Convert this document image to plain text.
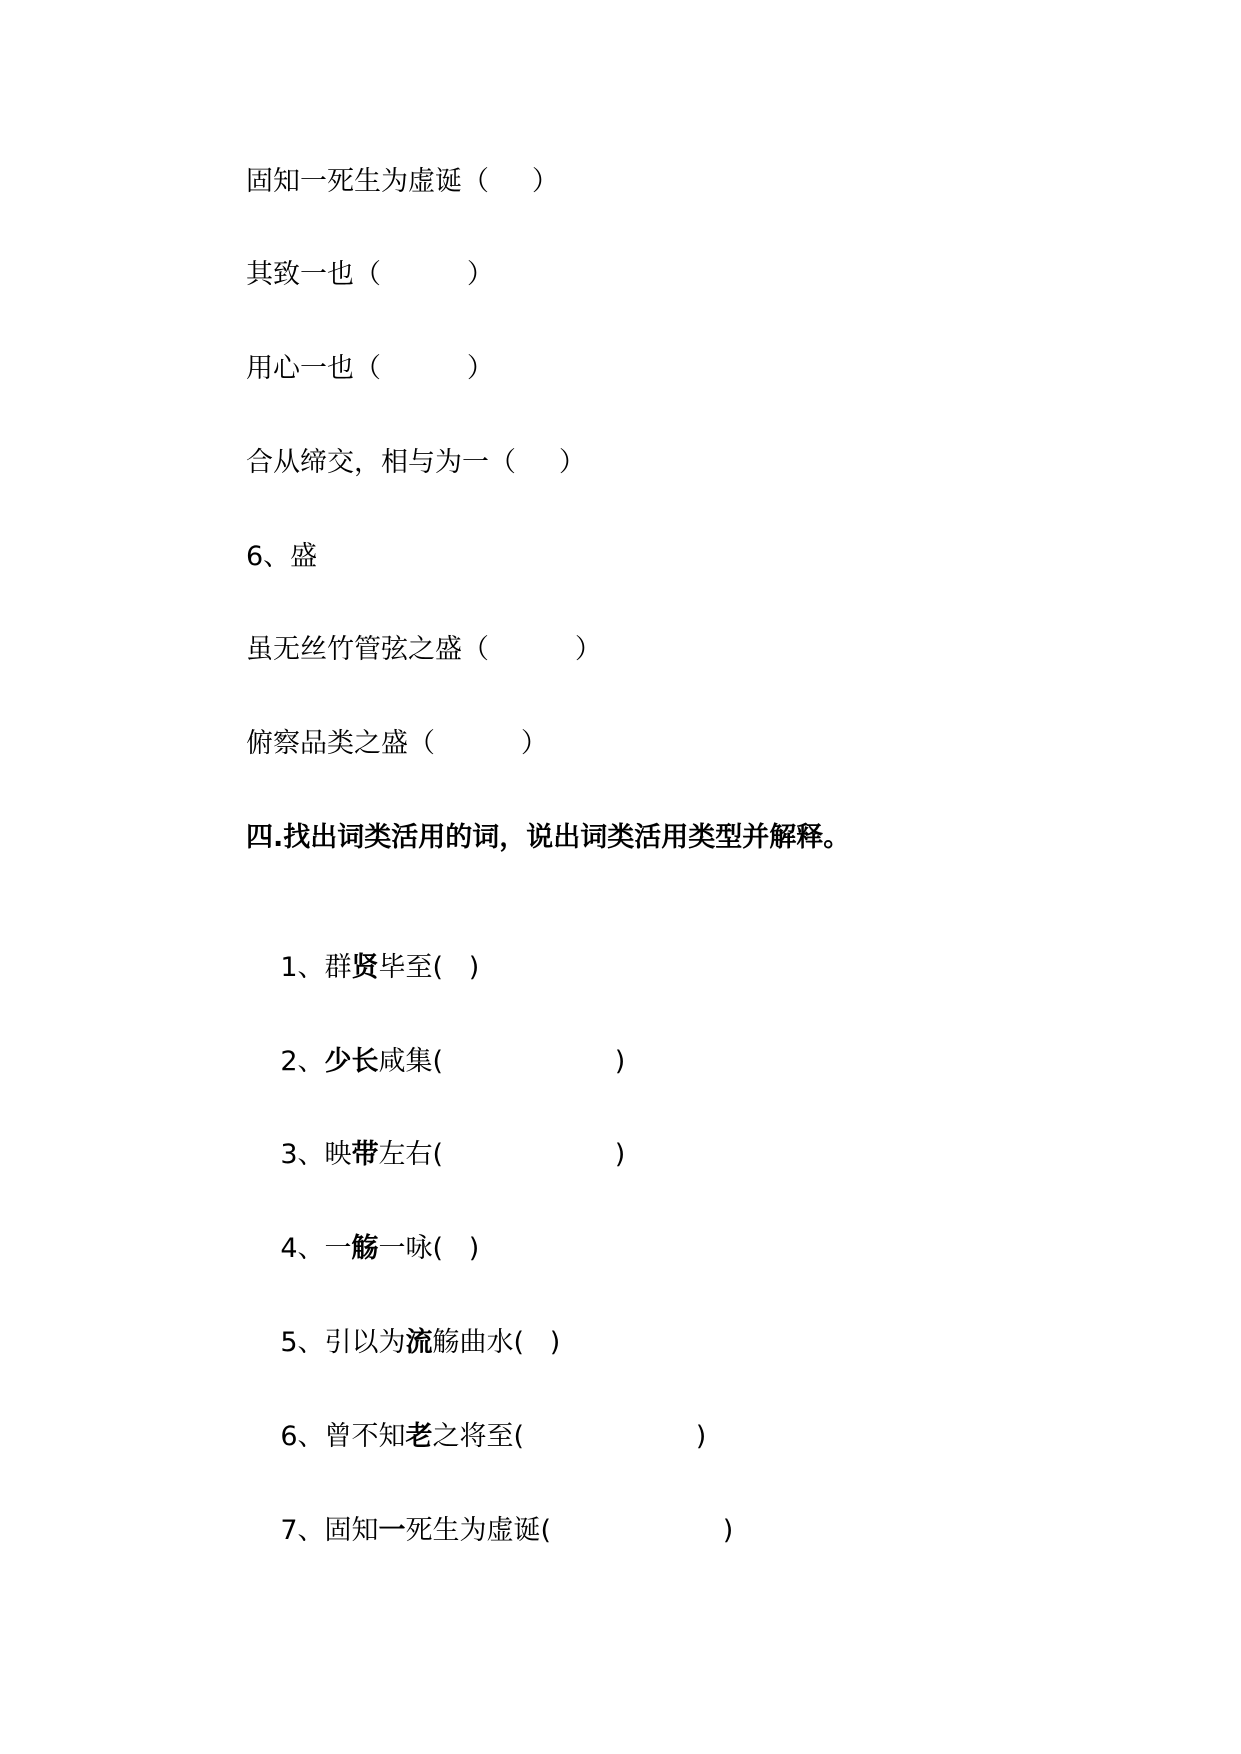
固知一死生为虚诞（     ）
其致一也（          ）
用心一也（          ）
合从缔交，相与为一（     ）
6、盛
虽无丝竹管弦之盛（          ）
俯察品类之盛（          ）
四.找出词类活用的词，说出词类活用类型并解释。

1、群贤毕至(   )

2、少长咸集(                    )

3、映带左右(                    )

4、一觞一咏(   )

5、引以为流觞曲水(   )

6、曾不知老之将至(                    )

7、固知一死生为虚诞(                    )
